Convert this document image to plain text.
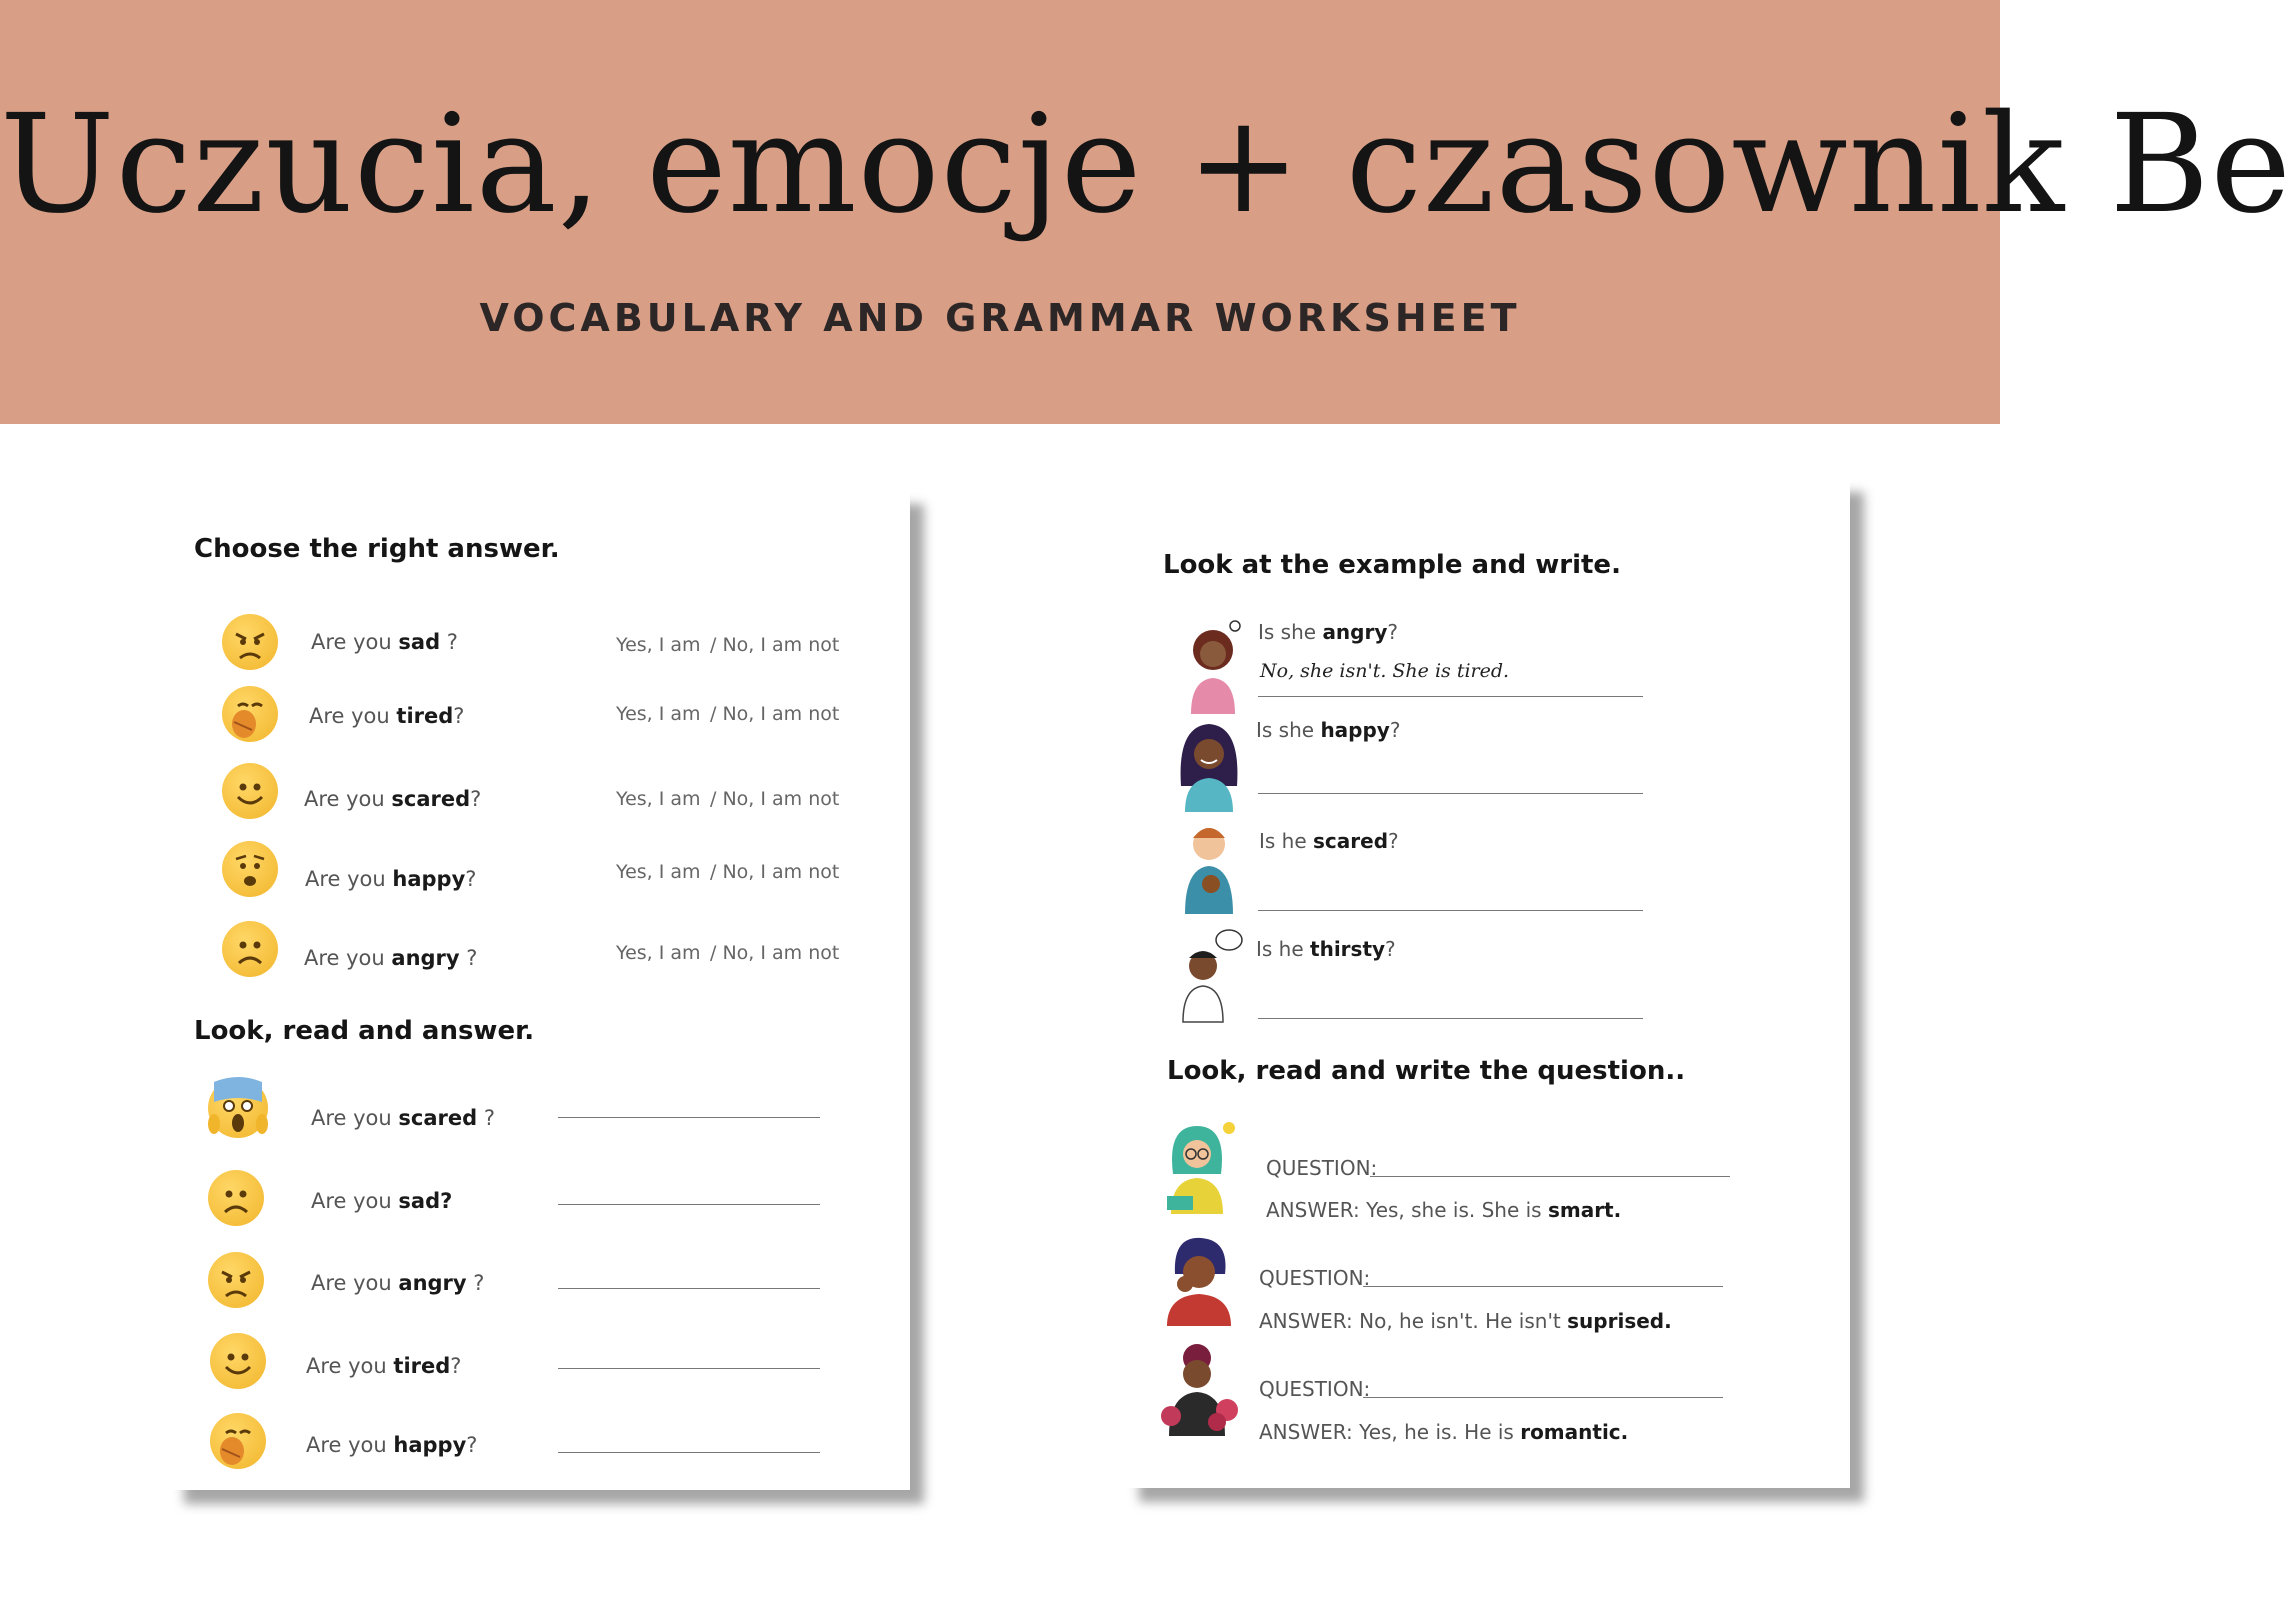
Uczucia, emocje + czasownik Be
VOCABULARY AND GRAMMAR WORKSHEET
Choose the right answer.
Are you sad ?	Yes, I am / No, I am not
Are you tired?	Yes, I am / No, I am not
Are you scared?	Yes, I am / No, I am not
Are you happy?	Yes, I am / No, I am not
Are you angry ?	Yes, I am / No, I am not
Look, read and answer.
Are you scared ?
Are you sad?
Are you angry ?
Are you tired?
Are you happy?
Look at the example and write.
Is she angry?
No, she isn't. She is tired.
Is she happy?
Is he scared?
Is he thirsty?
Look, read and write the question..
QUESTION:
ANSWER: Yes, she is. She is smart.
QUESTION:
ANSWER: No, he isn't. He isn't suprised.
QUESTION:
ANSWER: Yes, he is. He is romantic.
